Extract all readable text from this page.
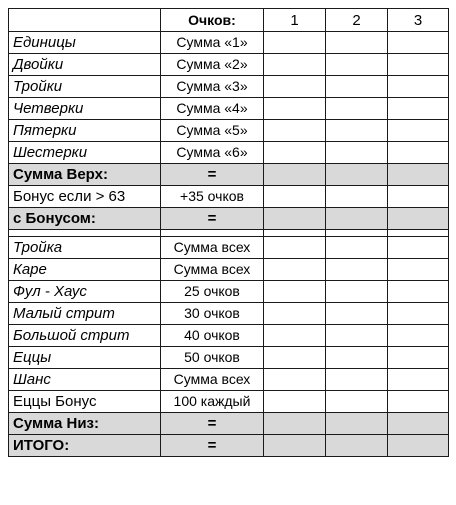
	Очков:	1	2	3
Единицы	Сумма «1»			
Двойки	Сумма «2»			
Тройки	Сумма «3»			
Четверки	Сумма «4»			
Пятерки	Сумма «5»			
Шестерки	Сумма «6»			
Сумма Верх:	=			
Бонус если > 63	+35 очков			
с Бонусом:	=			

Тройка	Сумма всех			
Каре	Сумма всех			
Фул - Хаус	25 очков			
Малый стрит	30 очков			
Большой стрит	40 очков			
Еццы	50 очков			
Шанс	Сумма всех			
Еццы Бонус	100 каждый			
Сумма Низ:	=			
ИТОГО:	=			
